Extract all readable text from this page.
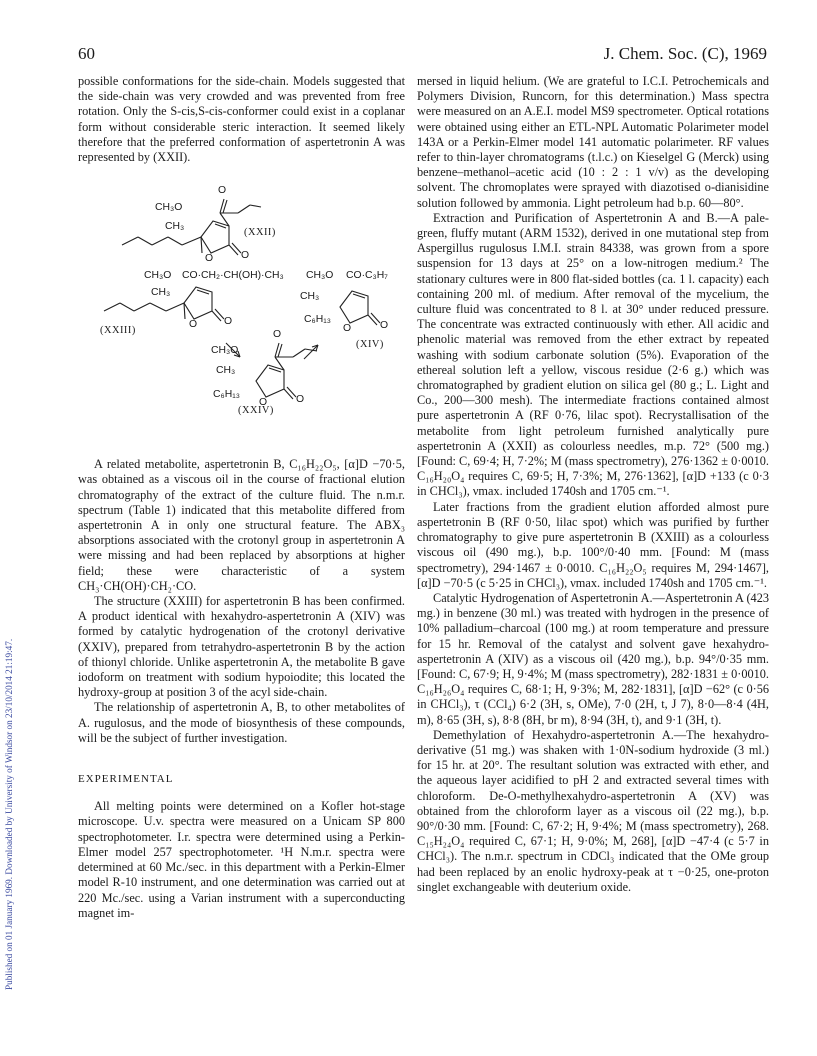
60	J. Chem. Soc. (C), 1969
Published on 01 January 1969. Downloaded by University of Windsor on 23/10/2014 21:19:47.

possible conformations for the side-chain. Models suggested that the side-chain was very crowded and was prevented from free rotation. Only the S-cis,S-cis-conformer could exist in a coplanar form without considerable steric interaction. It seemed likely therefore that the preferred conformation of aspertetronin A was represented by (XXII).

O
CH₃O
CH₃
(XXII)
O	O
CH₃O CO·CH₂·CH(OH)·CH₃
CH₃
O	O
(XXIII)
CH₃O CO·C₃H₇
CH₃
C₆H₁₃
O	O
(XIV)
O
CH₃O
CH₃
C₆H₁₃
O	O
(XXIV)

A related metabolite, aspertetronin B, C₁₆H₂₂O₅, [α]D −70·5, was obtained as a viscous oil in the course of fractional elution chromatography of the extract of the culture fluid. The n.m.r. spectrum (Table 1) indicated that this metabolite differed from aspertetronin A in only one structural feature. The ABX₃ absorptions associated with the crotonyl group in aspertetronin A were missing and had been replaced by absorptions at higher field; these were characteristic of a system CH₃·CH(OH)·CH₂·CO.

The structure (XXIII) for aspertetronin B has been confirmed. A product identical with hexahydro-aspertetronin A (XIV) was formed by catalytic hydrogenation of the crotonyl derivative (XXIV), prepared from tetrahydro-aspertetronin B by the action of thionyl chloride. Unlike aspertetronin A, the metabolite B gave iodoform on treatment with sodium hypoiodite; this located the hydroxy-group at position 3 of the acyl side-chain.

The relationship of aspertetronin A, B, to other metabolites of A. rugulosus, and the mode of biosynthesis of these compounds, will be the subject of further investigation.

EXPERIMENTAL

All melting points were determined on a Kofler hot-stage microscope. U.v. spectra were measured on a Unicam SP 800 spectrophotometer. I.r. spectra were determined using a Perkin-Elmer model 257 spectrophotometer. ¹H N.m.r. spectra were determined at 60 Mc./sec. in this department with a Perkin-Elmer model R-10 instrument, and one determination was carried out at 220 Mc./sec. using a Varian instrument with a superconducting magnet im-

mersed in liquid helium. (We are grateful to I.C.I. Petrochemicals and Polymers Division, Runcorn, for this determination.) Mass spectra were measured on an A.E.I. model MS9 spectrometer. Optical rotations were obtained using either an ETL-NPL Automatic Polarimeter model 143A or a Perkin-Elmer model 141 automatic polarimeter. RF values refer to thin-layer chromatograms (t.l.c.) on Kieselgel G (Merck) using benzene–methanol–acetic acid (10 : 2 : 1 v/v) as the developing solvent. The chromoplates were sprayed with diazotised o-dianisidine solution followed by ammonia. Light petroleum had b.p. 60—80°.

Extraction and Purification of Aspertetronin A and B.—A pale-green, fluffy mutant (ARM 1532), derived in one mutational step from Aspergillus rugulosus I.M.I. strain 84338, was grown from a spore suspension for 13 days at 25° on a low-nitrogen medium.² The stationary cultures were in 800 flat-sided bottles (ca. 1 l. capacity) each containing 200 ml. of medium. After removal of the mycelium, the culture fluid was concentrated to 8 l. at 30° under reduced pressure. The concentrate was extracted continuously with ether. All acidic and phenolic material was removed from the ether extract by repeated washing with sodium carbonate solution (5%). Evaporation of the ethereal solution left a yellow, viscous residue (2·6 g.) which was chromatographed by gradient elution on silica gel (80 g.; L. Light and Co., 200—300 mesh). The intermediate fractions contained almost pure aspertetronin A (RF 0·76, lilac spot). Recrystallisation of the metabolite from light petroleum furnished analytically pure aspertetronin A (XXII) as colourless needles, m.p. 72° (500 mg.) [Found: C, 69·4; H, 7·2%; M (mass spectrometry), 276·1362 ± 0·0010. C₁₆H₂₀O₄ requires C, 69·5; H, 7·3%; M, 276·1362], [α]D +133 (c 0·3 in CHCl₃), νmax. included 1740sh and 1705 cm.⁻¹.

Later fractions from the gradient elution afforded almost pure aspertetronin B (RF 0·50, lilac spot) which was purified by further chromatography to give pure aspertetronin B (XXIII) as a colourless viscous oil (490 mg.), b.p. 100°/0·40 mm. [Found: M (mass spectrometry), 294·1467 ± 0·0010. C₁₆H₂₂O₅ requires M, 294·1467], [α]D −70·5 (c 5·25 in CHCl₃), νmax. included 1740sh and 1705 cm.⁻¹.

Catalytic Hydrogenation of Aspertetronin A.—Aspertetronin A (423 mg.) in benzene (30 ml.) was treated with hydrogen in the presence of 10% palladium–charcoal (100 mg.) at room temperature and pressure for 15 hr. Removal of the catalyst and solvent gave hexahydro-aspertetronin A (XIV) as a viscous oil (420 mg.), b.p. 94°/0·35 mm. [Found: C, 67·9; H, 9·4%; M (mass spectrometry), 282·1831 ± 0·0010. C₁₆H₂₆O₄ requires C, 68·1; H, 9·3%; M, 282·1831], [α]D −62° (c 0·56 in CHCl₃), τ (CCl₄) 6·2 (3H, s, OMe), 7·0 (2H, t, J 7), 8·0—8·4 (4H, m), 8·65 (3H, s), 8·8 (8H, br m), 8·94 (3H, t), and 9·1 (3H, t).

Demethylation of Hexahydro-aspertetronin A.—The hexahydro-derivative (51 mg.) was shaken with 1·0N-sodium hydroxide (3 ml.) for 15 hr. at 20°. The resultant solution was extracted with ether, and the aqueous layer acidified to pH 2 and extracted several times with chloroform. De-O-methylhexahydro-aspertetronin A (XV) was obtained from the chloroform layer as a viscous oil (22 mg.), b.p. 90°/0·30 mm. [Found: C, 67·2; H, 9·4%; M (mass spectrometry), 268. C₁₅H₂₄O₄ required C, 67·1; H, 9·0%; M, 268], [α]D −47·4 (c 5·7 in CHCl₃). The n.m.r. spectrum in CDCl₃ indicated that the OMe group had been replaced by an enolic hydroxy-peak at τ −0·25, one-proton singlet exchangeable with deuterium oxide.
